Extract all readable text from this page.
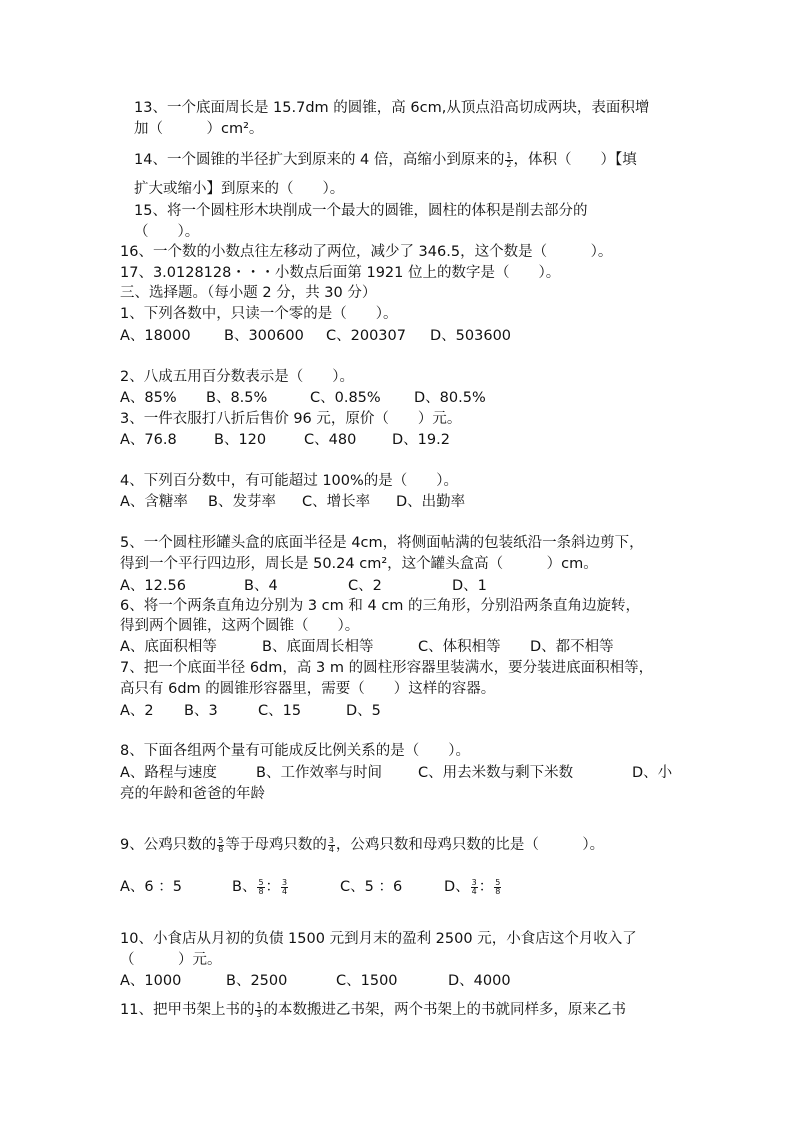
13、一个底面周长是 15.7dm 的圆锥，高 6cm,从顶点沿高切成两块，表面积增
加（　　　）cm²。
14、一个圆锥的半径扩大到原来的 4 倍，高缩小到原来的 $\frac{1}{2}$ ，体积（　　）【填
扩大或缩小】到原来的（　　）。
15、将一个圆柱形木块削成一个最大的圆锥，圆柱的体积是削去部分的
（　　）。
16、一个数的小数点往左移动了两位，减少了 346.5，这个数是（　　　）。
17、3.0128128・・・小数点后面第 1921 位上的数字是（　　）。
三、选择题。（每小题 2 分，共 30 分）
1、下列各数中，只读一个零的是（　　）。
A、18000 B、300600 C、200307 D、503600
2、八成五用百分数表示是（　　）。
A、85% B、8.5%	C、0.85% D、80.5%
3、一件衣服打八折后售价 96 元，原价（　　）元。
A、76.8	B、120	C、480 D、19.2
4、下列百分数中，有可能超过 100%的是（　　）。
A、含糖率 B、发芽率 C、增长率 D、出勤率
5、一个圆柱形罐头盒的底面半径是 4cm，将侧面帖满的包装纸沿一条斜边剪下，
得到一个平行四边形，周长是 50.24 cm²，这个罐头盒高（　　　）cm。
A、12.56	B、4	C、2	D、1
6、将一个两条直角边分别为 3 cm 和 4 cm 的三角形，分别沿两条直角边旋转，
得到两个圆锥，这两个圆锥（　　）。
A、底面积相等	B、底面周长相等	C、体积相等 D、都不相等
7、把一个底面半径 6dm，高 3 m 的圆柱形容器里装满水，要分装进底面积相等，
高只有 6dm 的圆锥形容器里，需要（　　）这样的容器。
A、2 B、3	C、15	D、5
8、下面各组两个量有可能成反比例关系的是（　　）。
A、路程与速度	B、工作效率与时间 C、用去米数与剩下米数	D、小
亮的年龄和爸爸的年龄
9、公鸡只数的 $\frac{5}{8}$ 等于母鸡只数的 $\frac{3}{4}$ ，公鸡只数和母鸡只数的比是（　　　）。
A、6 ：5	B、 $\frac{5}{8}$ ： $\frac{3}{4}$	C、5 ：6	D、 $\frac{3}{4}$ ： $\frac{5}{8}$
10、小食店从月初的负债 1500 元到月末的盈利 2500 元，小食店这个月收入了
（　　　）元。
A、1000	B、2500	C、1500	D、4000
11、把甲书架上书的 $\frac{1}{3}$ 的本数搬进乙书架，两个书架上的书就同样多，原来乙书
